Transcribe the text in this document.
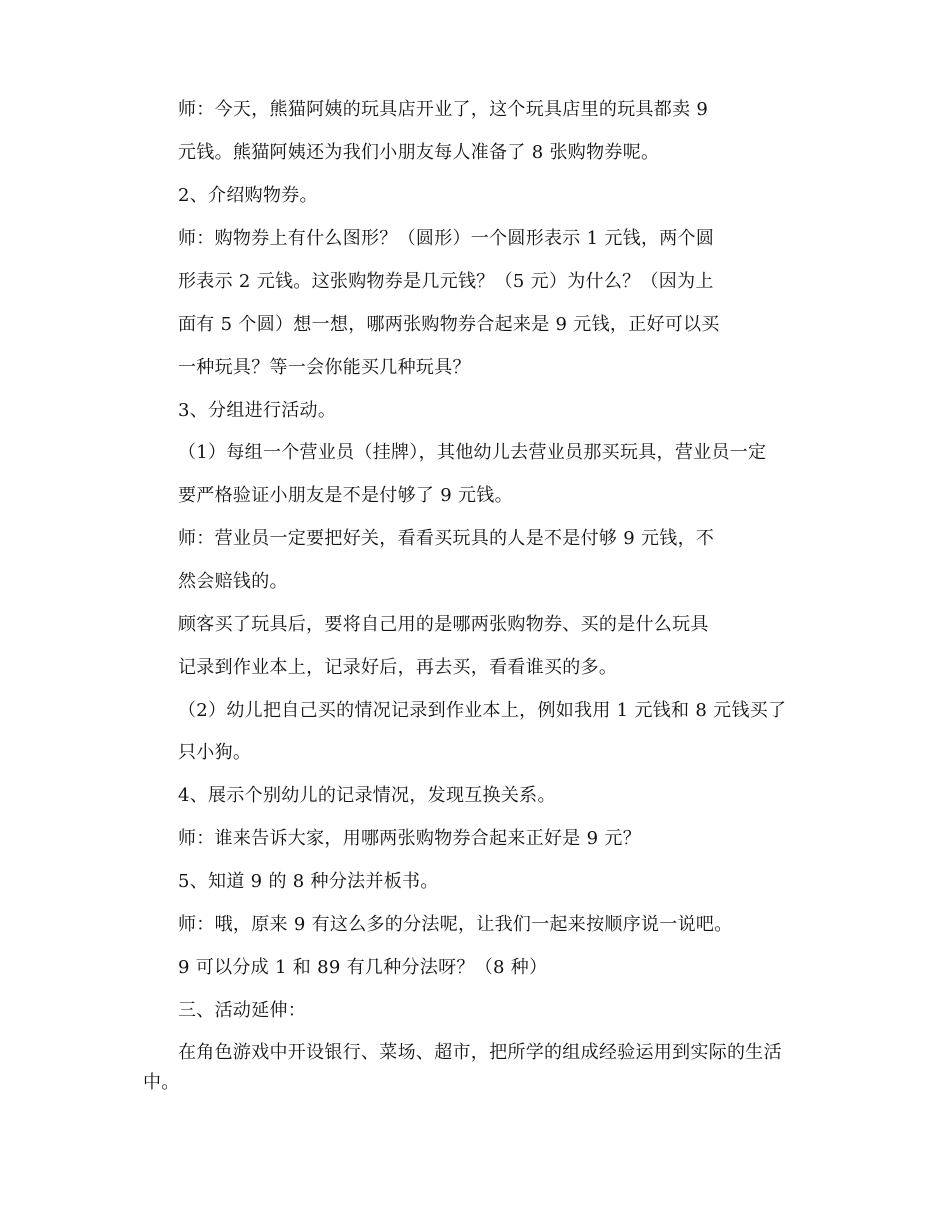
师：今天，熊猫阿姨的玩具店开业了，这个玩具店里的玩具都卖 9
元钱。熊猫阿姨还为我们小朋友每人准备了 8 张购物券呢。
2、介绍购物券。
师：购物券上有什么图形？（圆形）一个圆形表示 1 元钱，两个圆
形表示 2 元钱。这张购物券是几元钱？（5 元）为什么？（因为上
面有 5 个圆）想一想，哪两张购物券合起来是 9 元钱，正好可以买
一种玩具？等一会你能买几种玩具？
3、分组进行活动。
（1）每组一个营业员（挂牌），其他幼儿去营业员那买玩具，营业员一定
要严格验证小朋友是不是付够了 9 元钱。
师：营业员一定要把好关，看看买玩具的人是不是付够 9 元钱，不
然会赔钱的。
顾客买了玩具后，要将自己用的是哪两张购物券、买的是什么玩具
记录到作业本上，记录好后，再去买，看看谁买的多。
（2）幼儿把自己买的情况记录到作业本上，例如我用 1 元钱和 8 元钱买了
只小狗。
4、展示个别幼儿的记录情况，发现互换关系。
师：谁来告诉大家，用哪两张购物券合起来正好是 9 元？
5、知道 9 的 8 种分法并板书。
师：哦，原来 9 有这么多的分法呢，让我们一起来按顺序说一说吧。
9 可以分成 1 和 89 有几种分法呀？（8 种）
三、活动延伸：
在角色游戏中开设银行、菜场、超市，把所学的组成经验运用到实际的生活中。
